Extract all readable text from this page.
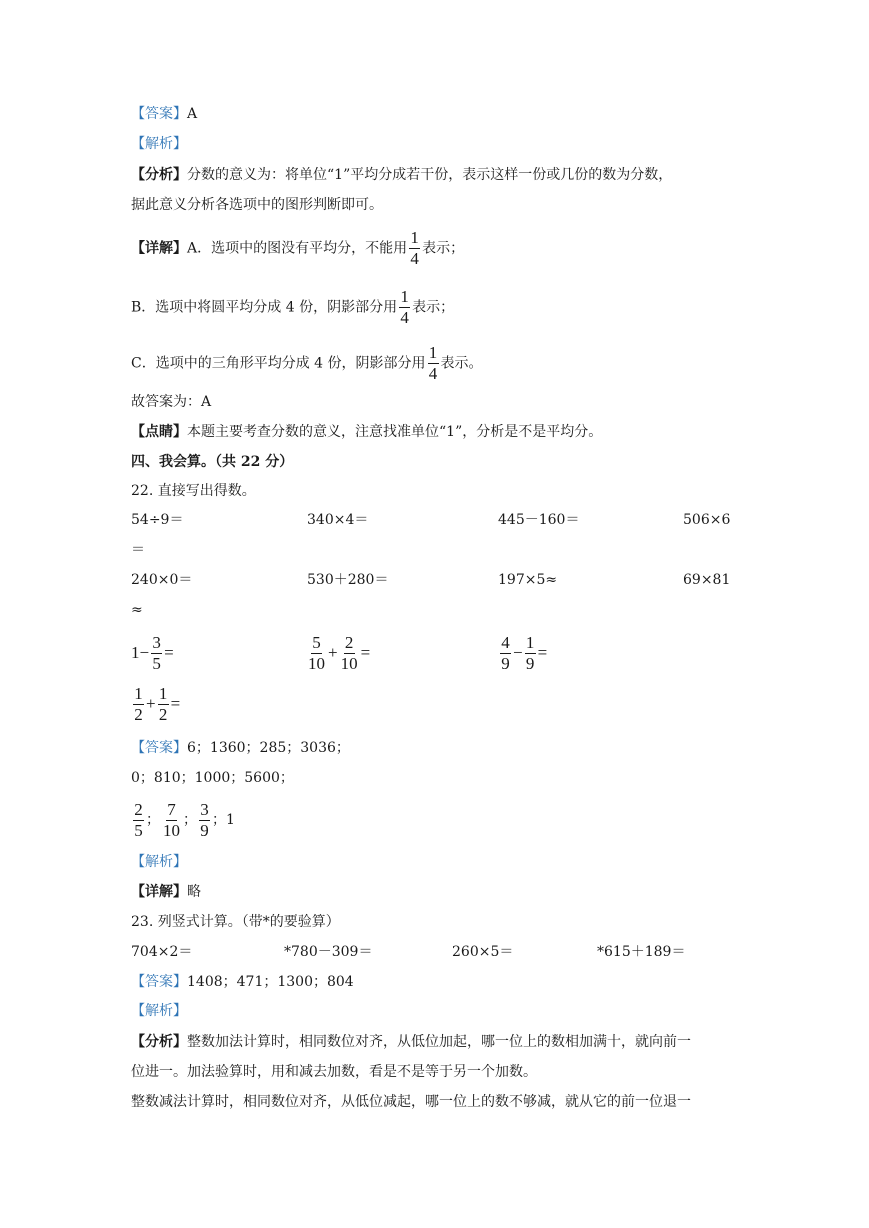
【答案】A
【解析】
【分析】分数的意义为：将单位“1”平均分成若干份，表示这样一份或几份的数为分数，
据此意义分析各选项中的图形判断即可。
【详解】A．选项中的图没有平均分，不能用 $\frac{1}{4}$ 表示；
B．选项中将圆平均分成 4 份，阴影部分用 $\frac{1}{4}$ 表示；
C．选项中的三角形平均分成 4 份，阴影部分用 $\frac{1}{4}$ 表示。
故答案为：A
【点睛】本题主要考查分数的意义，注意找准单位“1”，分析是不是平均分。
四、我会算。（共 22 分）
22. 直接写出得数。
54÷9＝	340×4＝	445－160＝	506×6
＝
240×0＝	530＋280＝	197×5≈	69×81
≈
$1- \frac{3}{5}$ =	$\frac{5}{10} + \frac{2}{10}$ =	$\frac{4}{9} - \frac{1}{9}$ =
$\frac{1}{2} + \frac{1}{2}$ =
【答案】6；1360；285；3036；
0；810；1000；5600；
$\frac{2}{5}$ ； $\frac{7}{10}$ ； $\frac{3}{9}$ ；1
【解析】
【详解】略
23. 列竖式计算。（带*的要验算）
704×2＝	*780－309＝	260×5＝	*615＋189＝
【答案】1408；471；1300；804
【解析】
【分析】整数加法计算时，相同数位对齐，从低位加起，哪一位上的数相加满十，就向前一
位进一。加法验算时，用和减去加数，看是不是等于另一个加数。
整数减法计算时，相同数位对齐，从低位减起，哪一位上的数不够减，就从它的前一位退一
